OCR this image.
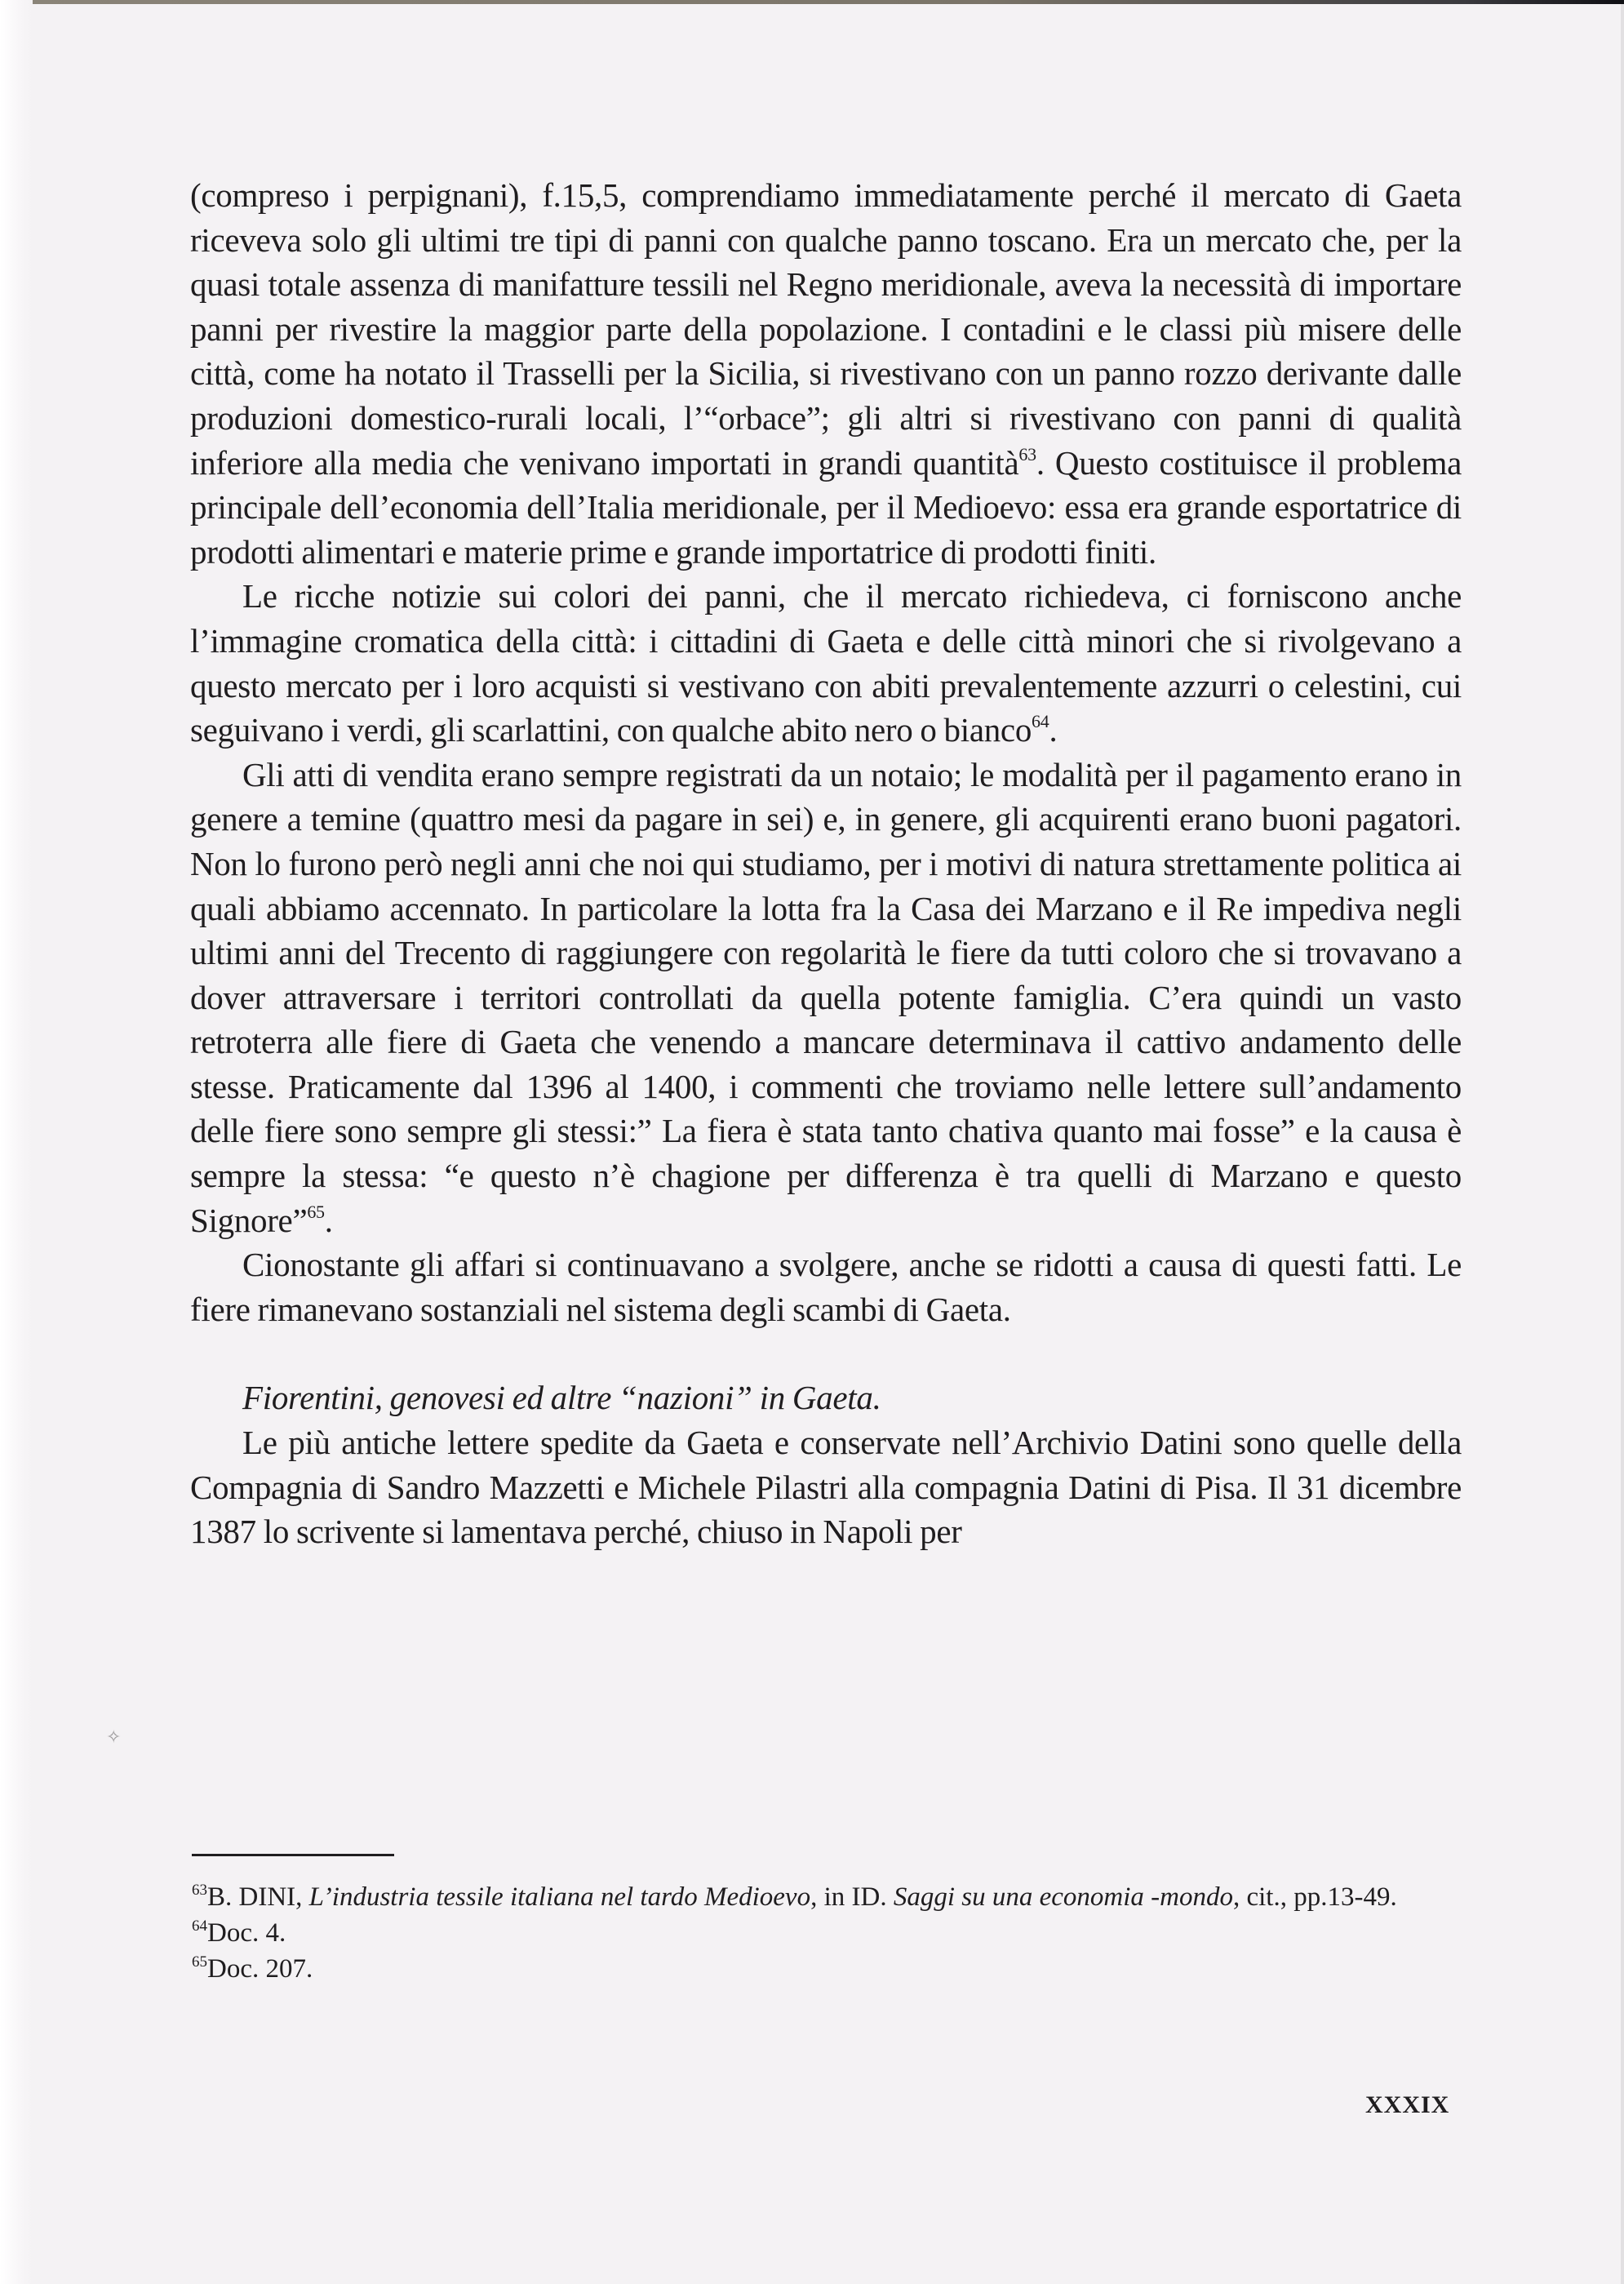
(compreso i perpignani), f.15,5, comprendiamo immediatamente perché il mercato di Gaeta riceveva solo gli ultimi tre tipi di panni con qualche panno toscano. Era un mercato che, per la quasi totale assenza di manifatture tessili nel Regno meridionale, aveva la necessità di importare panni per rivestire la maggior parte della popolazione. I contadini e le classi più misere delle città, come ha notato il Trasselli per la Sicilia, si rivestivano con un panno rozzo derivante dalle produzioni domestico-rurali locali, l’“orbace”; gli altri si rivestivano con panni di qualità inferiore alla media che venivano importati in grandi quantità$^{63}$. Questo costituisce il problema principale dell’economia dell’Italia meridionale, per il Medioevo: essa era grande esportatrice di prodotti alimentari e materie prime e grande importatrice di prodotti finiti.

Le ricche notizie sui colori dei panni, che il mercato richiedeva, ci forniscono anche l’immagine cromatica della città: i cittadini di Gaeta e delle città minori che si rivolgevano a questo mercato per i loro acquisti si vestivano con abiti prevalentemente azzurri o celestini, cui seguivano i verdi, gli scarlattini, con qualche abito nero o bianco$^{64}$.

Gli atti di vendita erano sempre registrati da un notaio; le modalità per il pagamento erano in genere a temine (quattro mesi da pagare in sei) e, in genere, gli acquirenti erano buoni pagatori. Non lo furono però negli anni che noi qui studiamo, per i motivi di natura strettamente politica ai quali abbiamo accennato. In particolare la lotta fra la Casa dei Marzano e il Re impediva negli ultimi anni del Trecento di raggiungere con regolarità le fiere da tutti coloro che si trovavano a dover attraversare i territori controllati da quella potente famiglia. C’era quindi un vasto retroterra alle fiere di Gaeta che venendo a mancare determinava il cattivo andamento delle stesse. Praticamente dal 1396 al 1400, i commenti che troviamo nelle lettere sull’andamento delle fiere sono sempre gli stessi:” La fiera è stata tanto chativa quanto mai fosse” e la causa è sempre la stessa: “e questo n’è chagione per differenza è tra quelli di Marzano e questo Signore”$^{65}$.

Cionostante gli affari si continuavano a svolgere, anche se ridotti a causa di questi fatti. Le fiere rimanevano sostanziali nel sistema degli scambi di Gaeta.

Fiorentini, genovesi ed altre “nazioni” in Gaeta.

Le più antiche lettere spedite da Gaeta e conservate nell’Archivio Datini sono quelle della Compagnia di Sandro Mazzetti e Michele Pilastri alla compagnia Datini di Pisa. Il 31 dicembre 1387 lo scrivente si lamentava perché, chiuso in Napoli per

$^{63}$B. DINI, L’industria tessile italiana nel tardo Medioevo, in ID. Saggi su una economia -mondo, cit., pp.13-49.

$^{64}$Doc. 4.

$^{65}$Doc. 207.

XXXIX
✧
